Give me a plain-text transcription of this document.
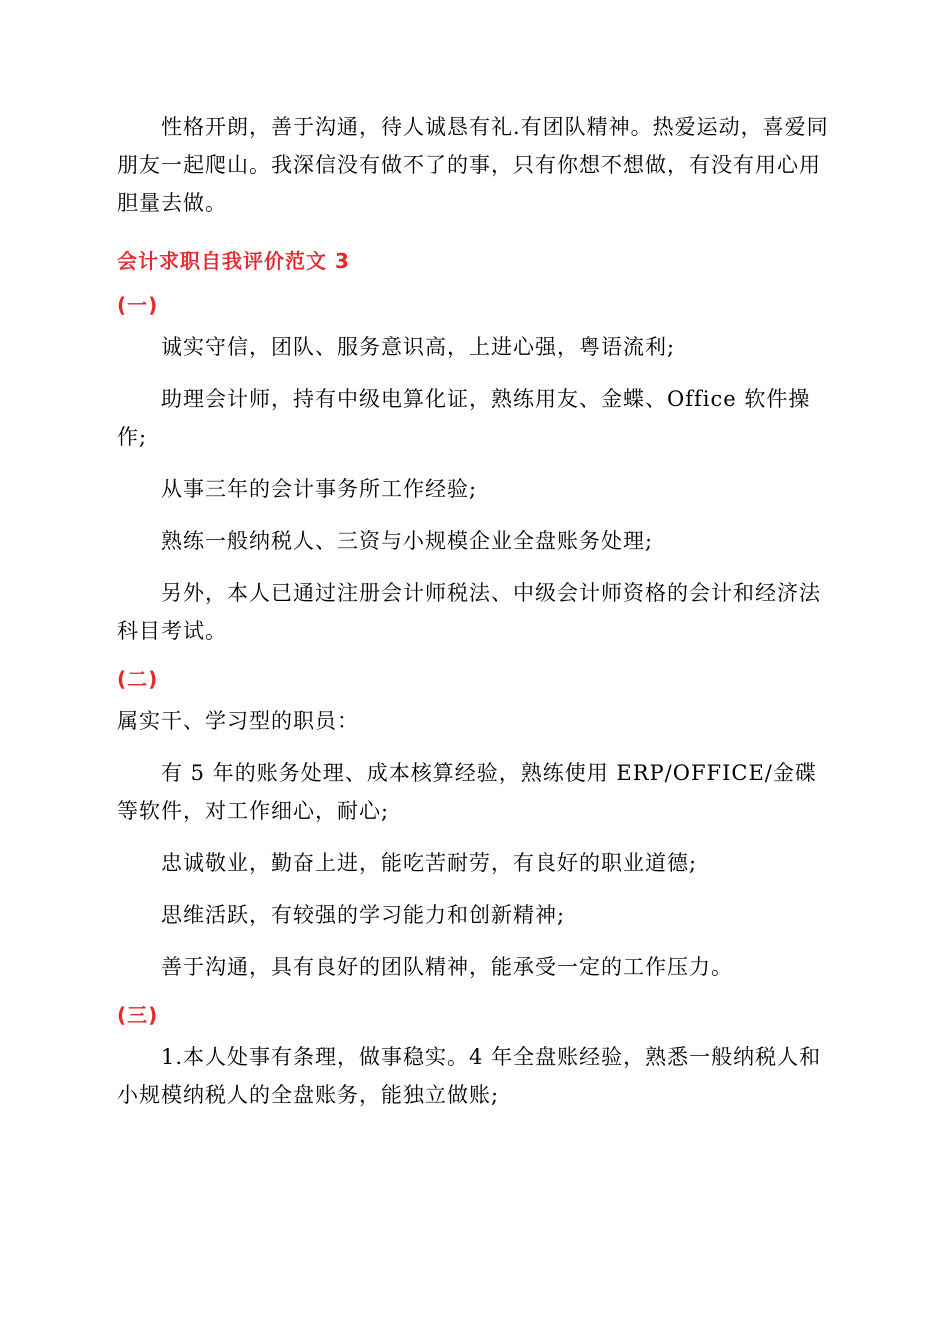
性格开朗，善于沟通，待人诚恳有礼.有团队精神。热爱运动，喜爱同朋友一起爬山。我深信没有做不了的事，只有你想不想做，有没有用心用胆量去做。

会计求职自我评价范文 3
(一)

诚实守信，团队、服务意识高，上进心强，粤语流利;

助理会计师，持有中级电算化证，熟练用友、金蝶、Office 软件操作;

从事三年的会计事务所工作经验;

熟练一般纳税人、三资与小规模企业全盘账务处理;

另外，本人已通过注册会计师税法、中级会计师资格的会计和经济法科目考试。

(二)

属实干、学习型的职员：

有 5 年的账务处理、成本核算经验，熟练使用 ERP/OFFICE/金碟等软件，对工作细心，耐心;

忠诚敬业，勤奋上进，能吃苦耐劳，有良好的职业道德;

思维活跃，有较强的学习能力和创新精神;

善于沟通，具有良好的团队精神，能承受一定的工作压力。

(三)

1.本人处事有条理，做事稳实。4 年全盘账经验，熟悉一般纳税人和小规模纳税人的全盘账务，能独立做账;
